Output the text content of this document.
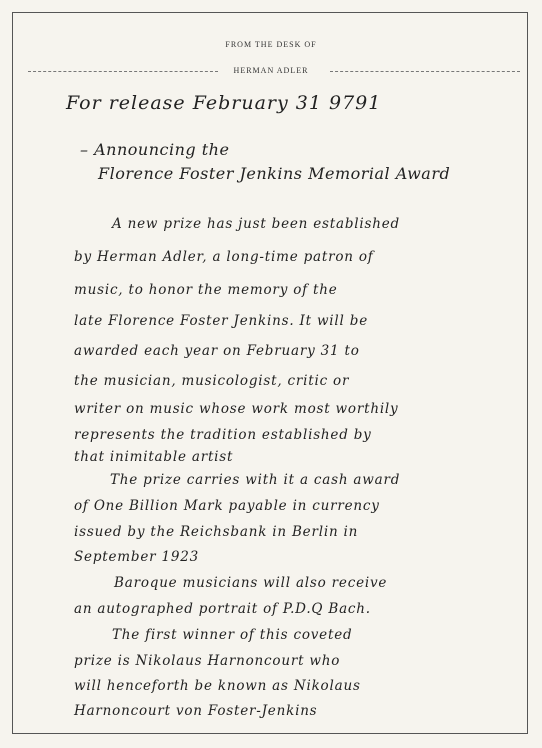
FROM THE DESK OF
HERMAN ADLER
For release February 31 9791
– Announcing the
Florence Foster Jenkins Memorial Award
A new prize has just been established
by Herman Adler, a long-time patron of
music, to honor the memory of the
late Florence Foster Jenkins. It will be
awarded each year on February 31 to
the musician, musicologist, critic or
writer on music whose work most worthily
represents the tradition established by
that inimitable artist
The prize carries with it a cash award
of One Billion Mark payable in currency
issued by the Reichsbank in Berlin in
September 1923
Baroque musicians will also receive
an autographed portrait of P.D.Q Bach.
The first winner of this coveted
prize is Nikolaus Harnoncourt who
will henceforth be known as Nikolaus
Harnoncourt von Foster-Jenkins
